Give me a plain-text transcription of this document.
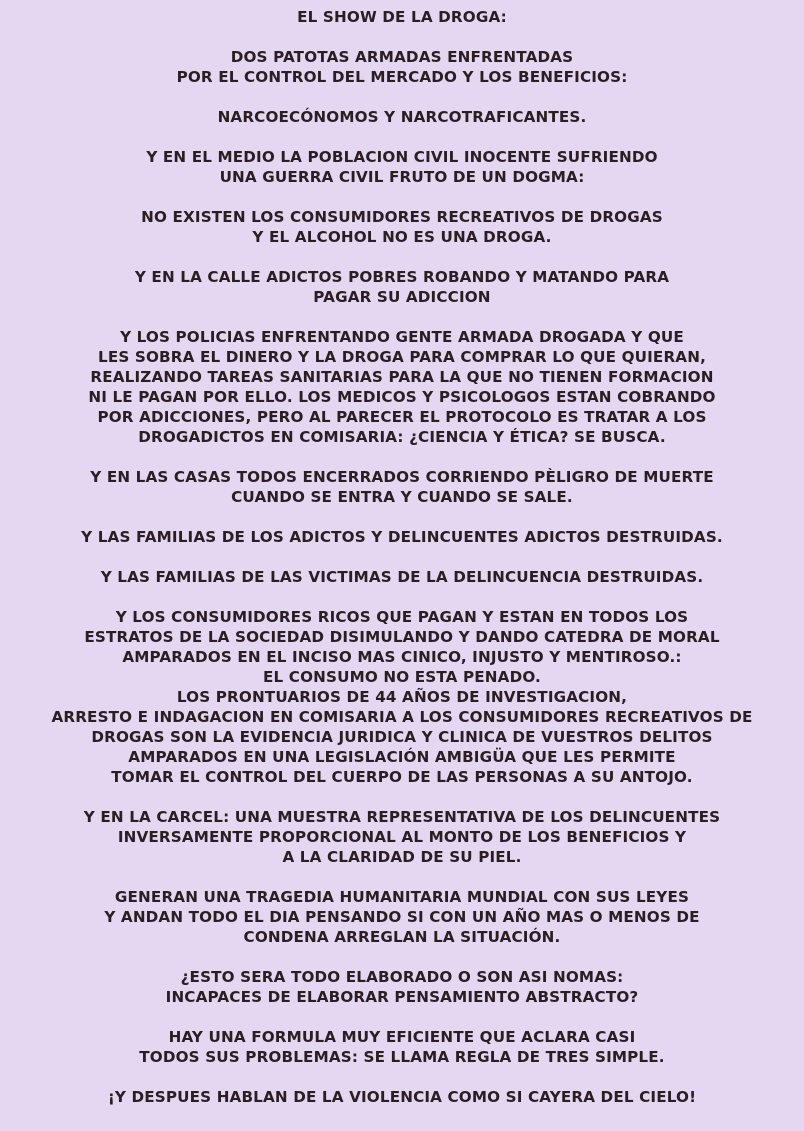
EL SHOW DE LA DROGA:
DOS PATOTAS ARMADAS ENFRENTADAS
POR EL CONTROL DEL MERCADO Y LOS BENEFICIOS:
NARCOECÓNOMOS Y NARCOTRAFICANTES.
Y EN EL MEDIO LA POBLACION CIVIL INOCENTE SUFRIENDO
UNA GUERRA CIVIL FRUTO DE UN DOGMA:
NO EXISTEN LOS CONSUMIDORES RECREATIVOS DE DROGAS
Y EL ALCOHOL NO ES UNA DROGA.
Y EN LA CALLE ADICTOS POBRES ROBANDO Y MATANDO PARA
PAGAR SU ADICCION
Y LOS POLICIAS ENFRENTANDO GENTE ARMADA DROGADA Y QUE
LES SOBRA EL DINERO Y LA DROGA PARA COMPRAR LO QUE QUIERAN,
REALIZANDO TAREAS SANITARIAS PARA LA QUE NO TIENEN FORMACION
NI LE PAGAN POR ELLO. LOS MEDICOS Y PSICOLOGOS ESTAN COBRANDO
POR ADICCIONES, PERO AL PARECER EL PROTOCOLO ES TRATAR A LOS
DROGADICTOS EN COMISARIA: ¿CIENCIA Y ÉTICA? SE BUSCA.
Y EN LAS CASAS TODOS ENCERRADOS CORRIENDO PÈLIGRO DE MUERTE
CUANDO SE ENTRA Y CUANDO SE SALE.
Y LAS FAMILIAS DE LOS ADICTOS Y DELINCUENTES ADICTOS DESTRUIDAS.
Y LAS FAMILIAS DE LAS VICTIMAS DE LA DELINCUENCIA DESTRUIDAS.
Y LOS CONSUMIDORES RICOS QUE PAGAN Y ESTAN EN TODOS LOS
ESTRATOS DE LA SOCIEDAD DISIMULANDO Y DANDO CATEDRA DE MORAL
AMPARADOS EN EL INCISO MAS CINICO, INJUSTO Y MENTIROSO.:
EL CONSUMO NO ESTA PENADO.
LOS PRONTUARIOS DE 44 AÑOS DE INVESTIGACION,
ARRESTO E INDAGACION EN COMISARIA A LOS CONSUMIDORES RECREATIVOS DE
DROGAS SON LA EVIDENCIA JURIDICA Y CLINICA DE VUESTROS DELITOS
AMPARADOS EN UNA LEGISLACIÓN AMBIGÜA QUE LES PERMITE
TOMAR EL CONTROL DEL CUERPO DE LAS PERSONAS A SU ANTOJO.
Y EN LA CARCEL: UNA MUESTRA REPRESENTATIVA DE LOS DELINCUENTES
INVERSAMENTE PROPORCIONAL AL MONTO DE LOS BENEFICIOS Y
A LA CLARIDAD DE SU PIEL.
GENERAN UNA TRAGEDIA HUMANITARIA MUNDIAL CON SUS LEYES
Y ANDAN TODO EL DIA PENSANDO SI CON UN AÑO MAS O MENOS DE
CONDENA ARREGLAN LA SITUACIÓN.
¿ESTO SERA TODO ELABORADO O SON ASI NOMAS:
INCAPACES DE ELABORAR PENSAMIENTO ABSTRACTO?
HAY UNA FORMULA MUY EFICIENTE QUE ACLARA CASI
TODOS SUS PROBLEMAS: SE LLAMA REGLA DE TRES SIMPLE.
¡Y DESPUES HABLAN DE LA VIOLENCIA COMO SI CAYERA DEL CIELO!
